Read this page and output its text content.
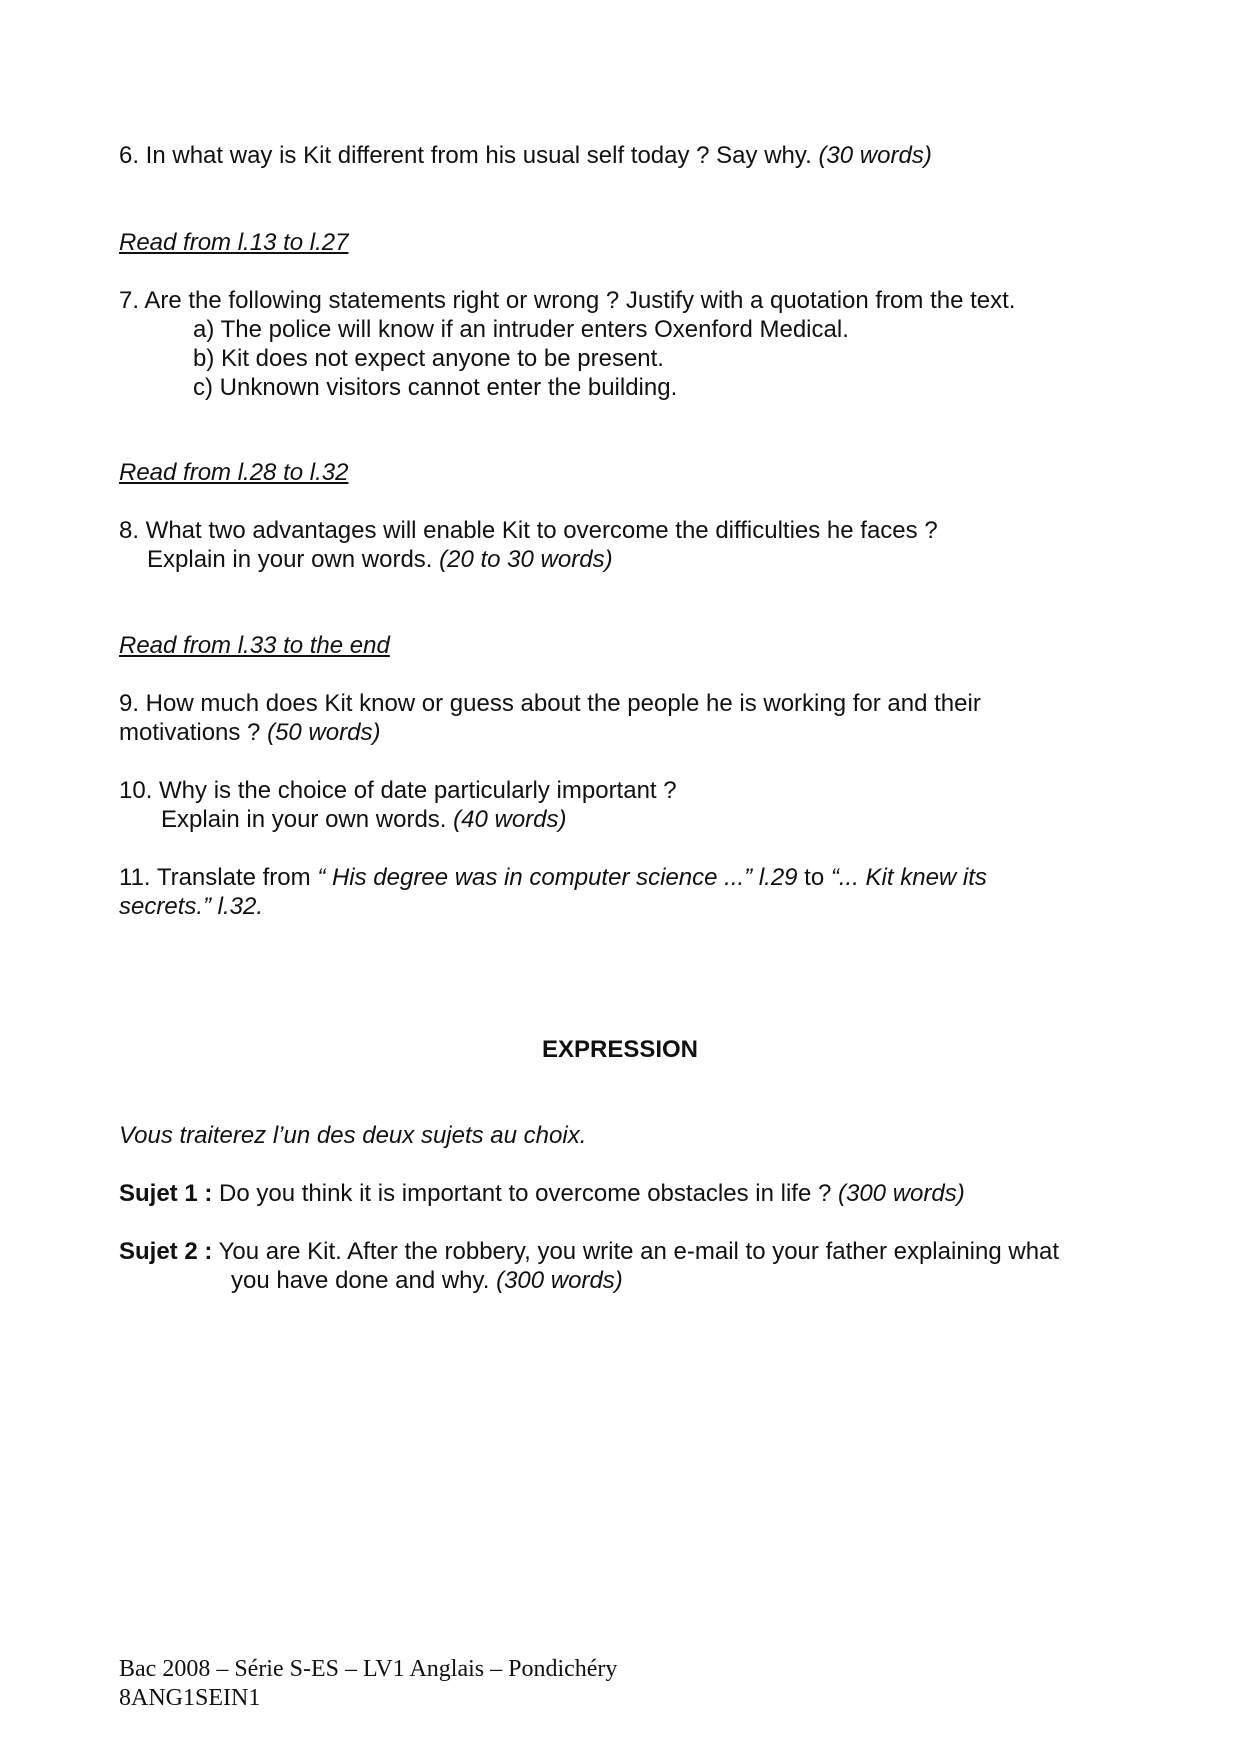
6. In what way is Kit different from his usual self today ? Say why. (30 words)
Read from l.13 to l.27
7. Are the following statements right or wrong ? Justify with a quotation from the text.
a) The police will know if an intruder enters Oxenford Medical.
b) Kit does not expect anyone to be present.
c) Unknown visitors cannot enter the building.
Read from l.28 to l.32
8. What two advantages will enable Kit to overcome the difficulties he faces ?
Explain in your own words. (20 to 30 words)
Read from l.33 to the end
9. How much does Kit know or guess about the people he is working for and their
motivations ? (50 words)
10. Why is the choice of date particularly important ?
Explain in your own words. (40 words)
11. Translate from “ His degree was in computer science ...” l.29 to “... Kit knew its
secrets.” l.32.
EXPRESSION
Vous traiterez l’un des deux sujets au choix.
Sujet 1 : Do you think it is important to overcome obstacles in life ? (300 words)
Sujet 2 : You are Kit. After the robbery, you write an e-mail to your father explaining what
you have done and why. (300 words)
Bac 2008 – Série S-ES – LV1 Anglais – Pondichéry
8ANG1SEIN1
